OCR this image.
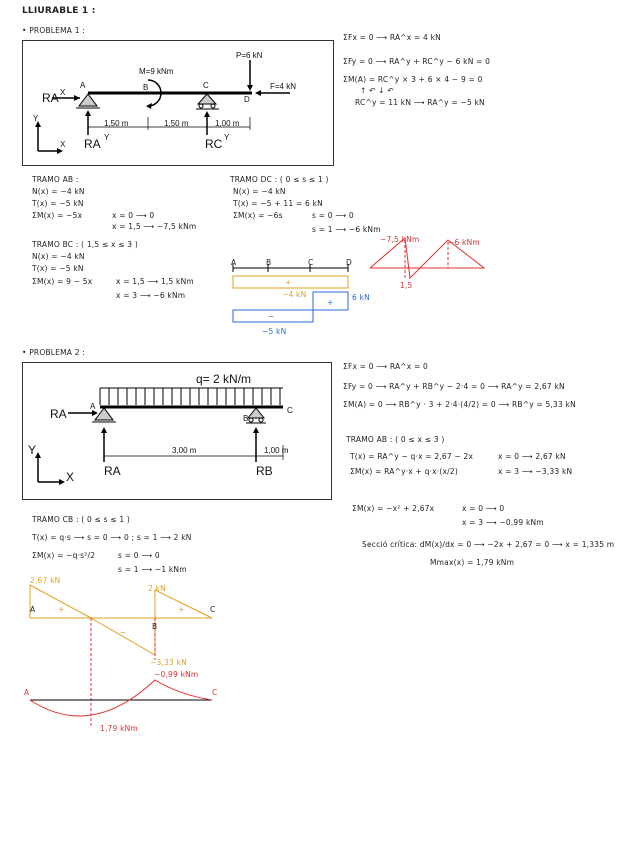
LLIURABLE 1 :
• PROBLEMA 1 :
M=9 kNm
P=6 kN
F=4 kN
A	B	C
D
RA X
RA Y	RC Y
1,50 m	1,50 m	1,00 m
Y
X
ΣFx = 0 ⟶ RA^x = 4 kN
ΣFy = 0 ⟶ RA^y + RC^y − 6 kN = 0
ΣM(A) = RC^y × 3 + 6 × 4 − 9 = 0
↑ ↶ ↓ ↶
RC^y = 11 kN ⟶ RA^y = −5 kN
TRAMO AB :
N(x) = −4 kN
T(x) = −5 kN
ΣM(x) = −5x	x = 0 ⟶ 0
x = 1,5 ⟶ −7,5 kNm
TRAMO BC : ( 1,5 ≤ x ≤ 3 )
N(x) = −4 kN
T(x) = −5 kN
ΣM(x) = 9 − 5x	x = 1,5 ⟶ 1,5 kNm
x = 3 ⟶ −6 kNm
TRAMO DC : ( 0 ≤ s ≤ 1 )
N(x) = −4 kN
T(x) = −5 + 11 = 6 kN
ΣM(x) = −6s	s = 0 ⟶ 0
s = 1 ⟶ −6 kNm
A	B	C	D
+
−4 kN	6 kN
+
−
−5 kN
−7,5 kNm	−6 kNm
1,5
• PROBLEMA 2 :
q= 2 kN/m
A
B
C
RA
RA	RB
3,00 m	1,00 m
Y
X
ΣFx = 0 ⟶ RA^x = 0
ΣFy = 0 ⟶ RA^y + RB^y − 2·4 = 0 ⟶ RA^y = 2,67 kN
ΣM(A) = 0 ⟶ RB^y · 3 + 2·4·(4/2) = 0 ⟶ RB^y = 5,33 kN
TRAMO AB : ( 0 ≤ x ≤ 3 )
T(x) = RA^y − q·x = 2,67 − 2x	x = 0 ⟶ 2,67 kN
x = 3 ⟶ −3,33 kN
ΣM(x) = RA^y·x + q·x·(x/2)
ΣM(x) = −x² + 2,67x	x = 0 ⟶ 0
x = 3 ⟶ −0,99 kNm
Secció crítica: dM(x)/dx = 0 ⟶ −2x + 2,67 = 0 ⟶ x = 1,335 m
Mmax(x) = 1,79 kNm
TRAMO CB : ( 0 ≤ s ≤ 1 )
T(x) = q·s ⟶ s = 0 ⟶ 0 ; s = 1 ⟶ 2 kN
ΣM(x) = −q·s²/2	s = 0 ⟶ 0
s = 1 ⟶ −1 kNm
2,67 kN
2 kN
−3,33 kN
A
B
C
+	+
−
−0,99 kNm
1,79 kNm
A	C
